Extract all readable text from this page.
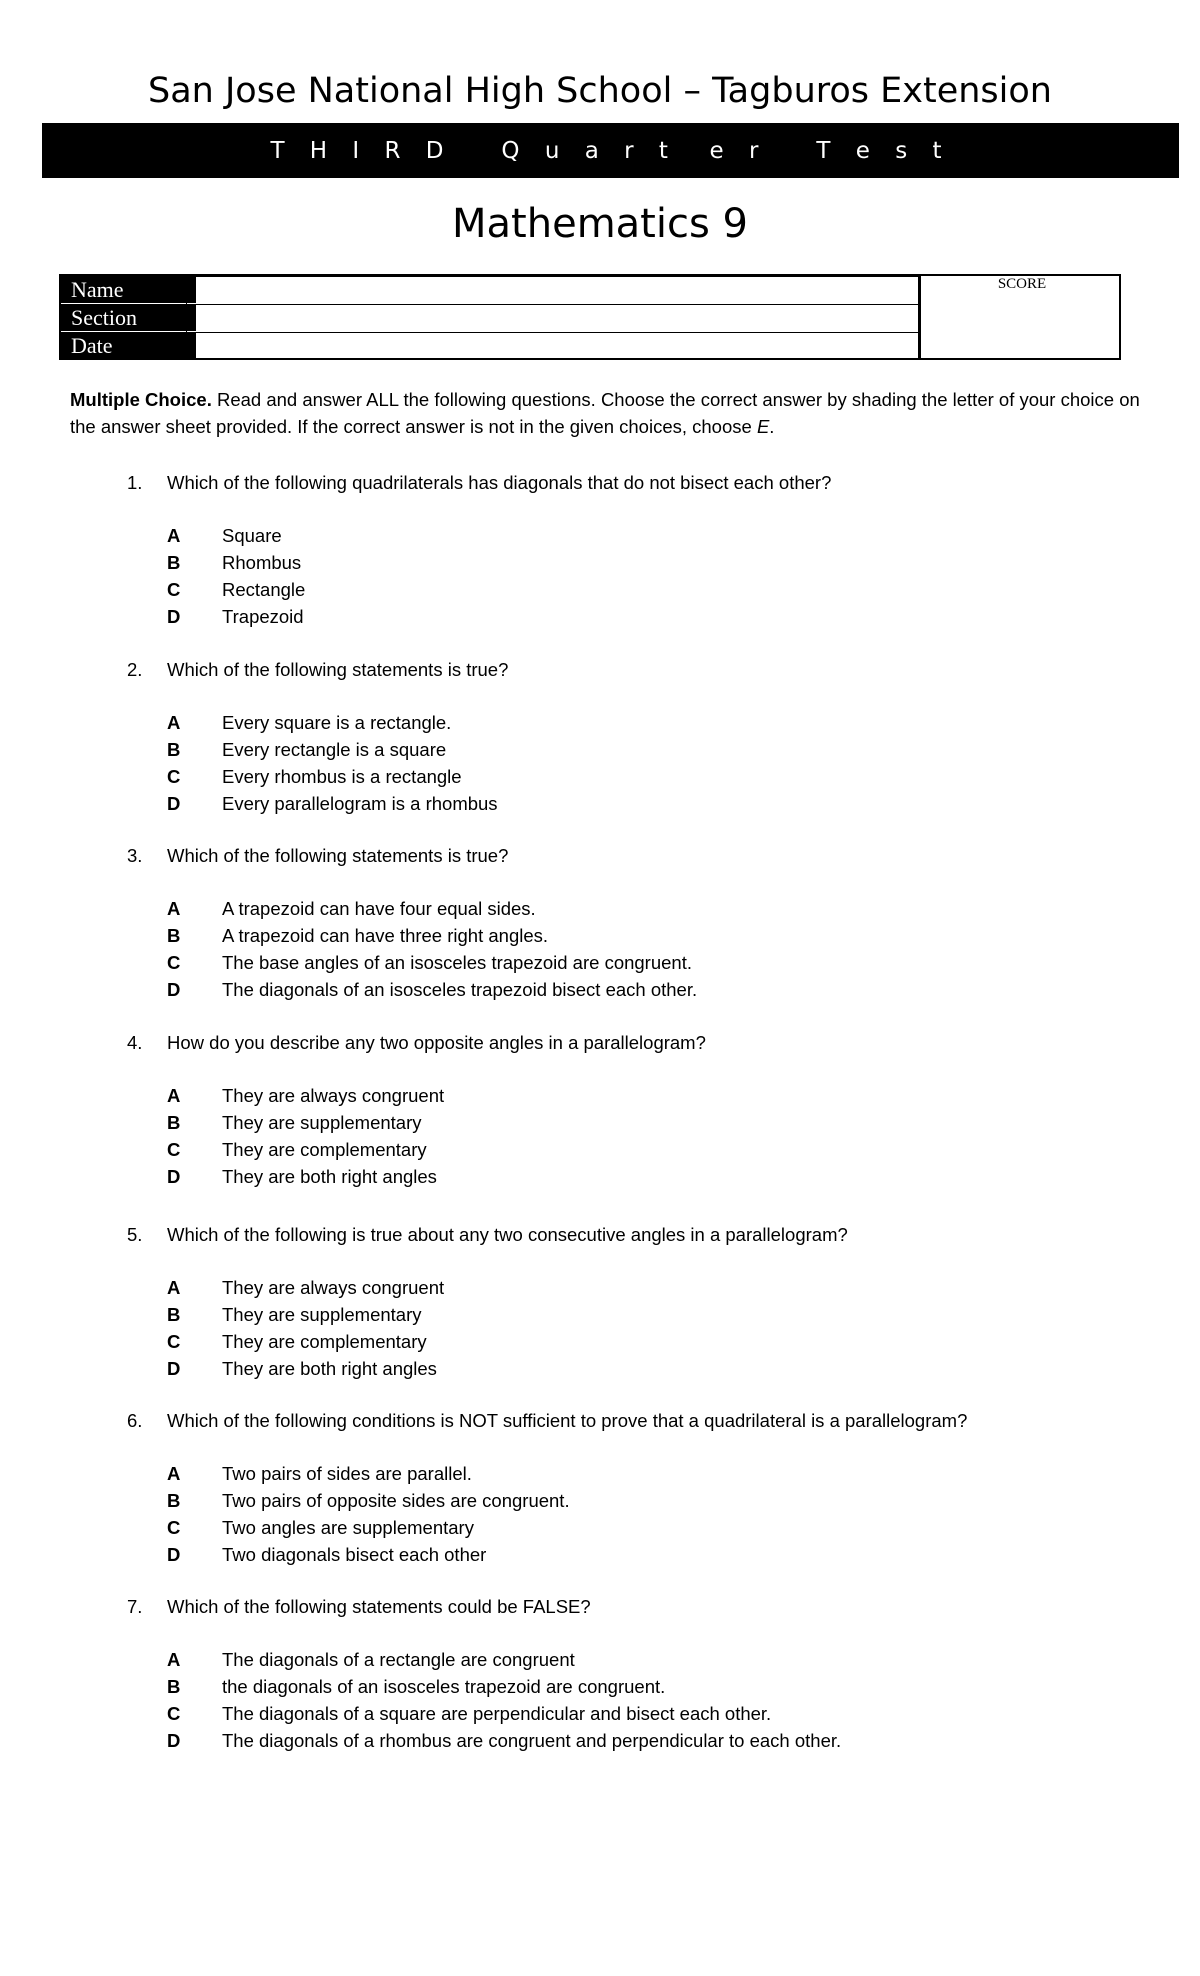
San Jose National High School – Tagburos Extension
T H I R D   Q u a r t  e r   T e s t
Mathematics 9
Name
Section
Date
SCORE
Multiple Choice. Read and answer ALL the following questions. Choose the correct answer by shading the letter of your choice on the answer sheet provided. If the correct answer is not in the given choices, choose E.
1. Which of the following quadrilaterals has diagonals that do not bisect each other?
A Square
B Rhombus
C Rectangle
D Trapezoid
2. Which of the following statements is true?
A Every square is a rectangle.
B Every rectangle is a square
C Every rhombus is a rectangle
D Every parallelogram is a rhombus
3. Which of the following statements is true?
A A trapezoid can have four equal sides.
B A trapezoid can have three right angles.
C The base angles of an isosceles trapezoid are congruent.
D The diagonals of an isosceles trapezoid bisect each other.
4. How do you describe any two opposite angles in a parallelogram?
A They are always congruent
B They are supplementary
C They are complementary
D They are both right angles
5. Which of the following is true about any two consecutive angles in a parallelogram?
A They are always congruent
B They are supplementary
C They are complementary
D They are both right angles
6. Which of the following conditions is NOT sufficient to prove that a quadrilateral is a parallelogram?
A Two pairs of sides are parallel.
B Two pairs of opposite sides are congruent.
C Two angles are supplementary
D Two diagonals bisect each other
7. Which of the following statements could be FALSE?
A The diagonals of a rectangle are congruent
B the diagonals of an isosceles trapezoid are congruent.
C The diagonals of a square are perpendicular and bisect each other.
D The diagonals of a rhombus are congruent and perpendicular to each other.
